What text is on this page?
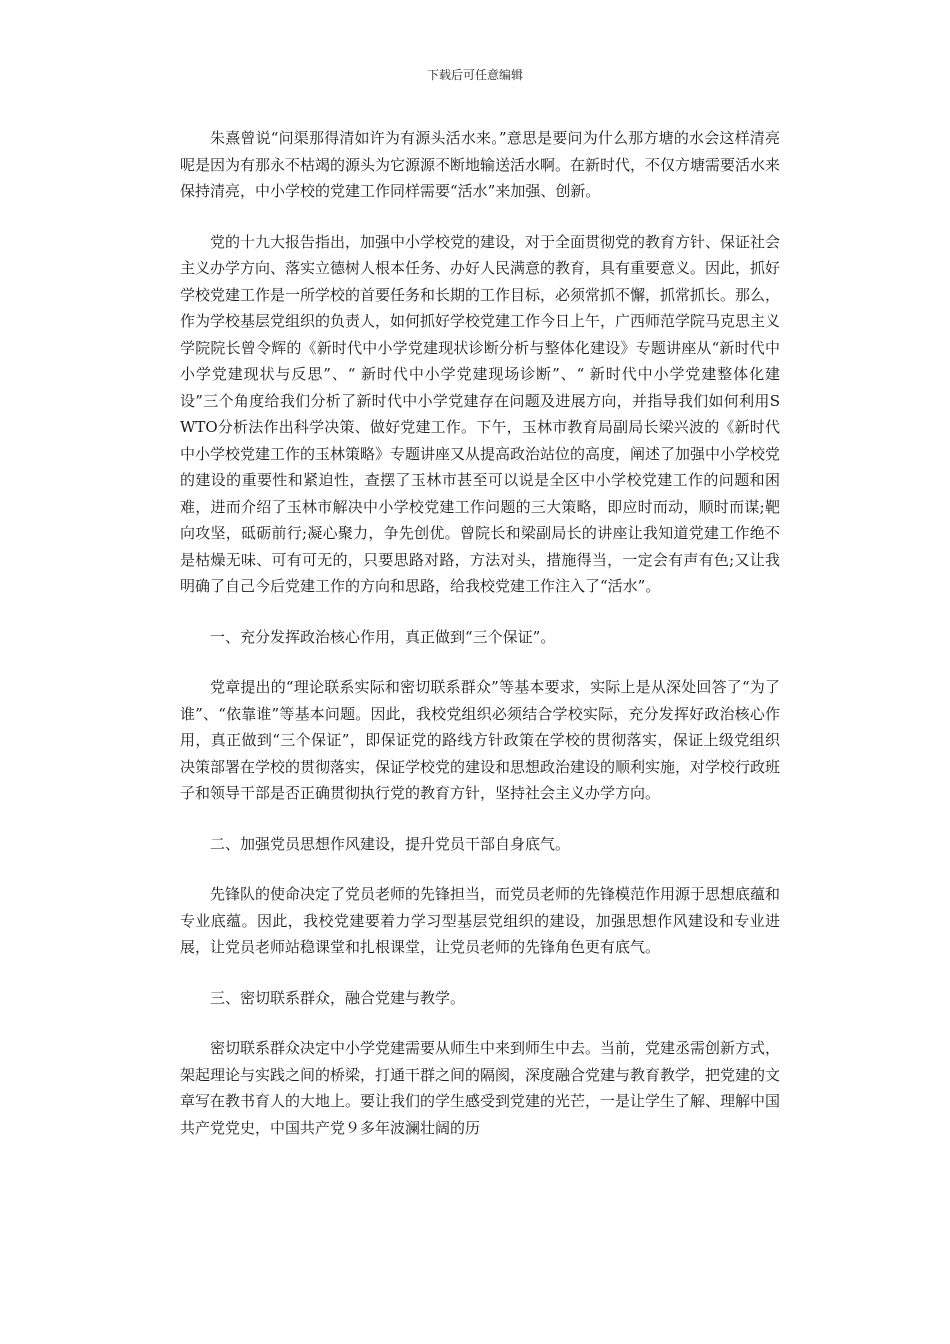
下载后可任意编辑

朱熹曾说“问渠那得清如许为有源头活水来。”意思是要问为什么那方塘的水会这样清亮呢是因为有那永不枯竭的源头为它源源不断地输送活水啊。在新时代，不仅方塘需要活水来保持清亮，中小学校的党建工作同样需要“活水”来加强、创新。

党的十九大报告指出，加强中小学校党的建设，对于全面贯彻党的教育方针、保证社会主义办学方向、落实立德树人根本任务、办好人民满意的教育，具有重要意义。因此，抓好学校党建工作是一所学校的首要任务和长期的工作目标，必须常抓不懈，抓常抓长。那么，作为学校基层党组织的负责人，如何抓好学校党建工作今日上午，广西师范学院马克思主义学院院长曾令辉的《新时代中小学党建现状诊断分析与整体化建设》专题讲座从“新时代中小学党建现状与反思”、“ 新时代中小学党建现场诊断”、“ 新时代中小学党建整体化建设”三个角度给我们分析了新时代中小学党建存在问题及进展方向，并指导我们如何利用SWTO分析法作出科学决策、做好党建工作。下午，玉林市教育局副局长梁兴波的《新时代中小学校党建工作的玉林策略》专题讲座又从提高政治站位的高度，阐述了加强中小学校党的建设的重要性和紧迫性，查摆了玉林市甚至可以说是全区中小学校党建工作的问题和困难，进而介绍了玉林市解决中小学校党建工作问题的三大策略，即应时而动，顺时而谋;靶向攻坚，砥砺前行;凝心聚力，争先创优。曾院长和梁副局长的讲座让我知道党建工作绝不是枯燥无味、可有可无的，只要思路对路，方法对头，措施得当，一定会有声有色;又让我明确了自己今后党建工作的方向和思路，给我校党建工作注入了“活水”。

一、充分发挥政治核心作用，真正做到“三个保证”。

党章提出的“理论联系实际和密切联系群众”等基本要求，实际上是从深处回答了“为了谁”、“依靠谁”等基本问题。因此，我校党组织必须结合学校实际，充分发挥好政治核心作用，真正做到“三个保证”，即保证党的路线方针政策在学校的贯彻落实，保证上级党组织决策部署在学校的贯彻落实，保证学校党的建设和思想政治建设的顺利实施，对学校行政班子和领导干部是否正确贯彻执行党的教育方针，坚持社会主义办学方向。

二、加强党员思想作风建设，提升党员干部自身底气。

先锋队的使命决定了党员老师的先锋担当，而党员老师的先锋模范作用源于思想底蕴和专业底蕴。因此，我校党建要着力学习型基层党组织的建设，加强思想作风建设和专业进展，让党员老师站稳课堂和扎根课堂，让党员老师的先锋角色更有底气。

三、密切联系群众，融合党建与教学。

密切联系群众决定中小学党建需要从师生中来到师生中去。当前，党建丞需创新方式，架起理论与实践之间的桥梁，打通干群之间的隔阂，深度融合党建与教育教学，把党建的文章写在教书育人的大地上。要让我们的学生感受到党建的光芒，一是让学生了解、理解中国共产党党史，中国共产党９多年波澜壮阔的历
